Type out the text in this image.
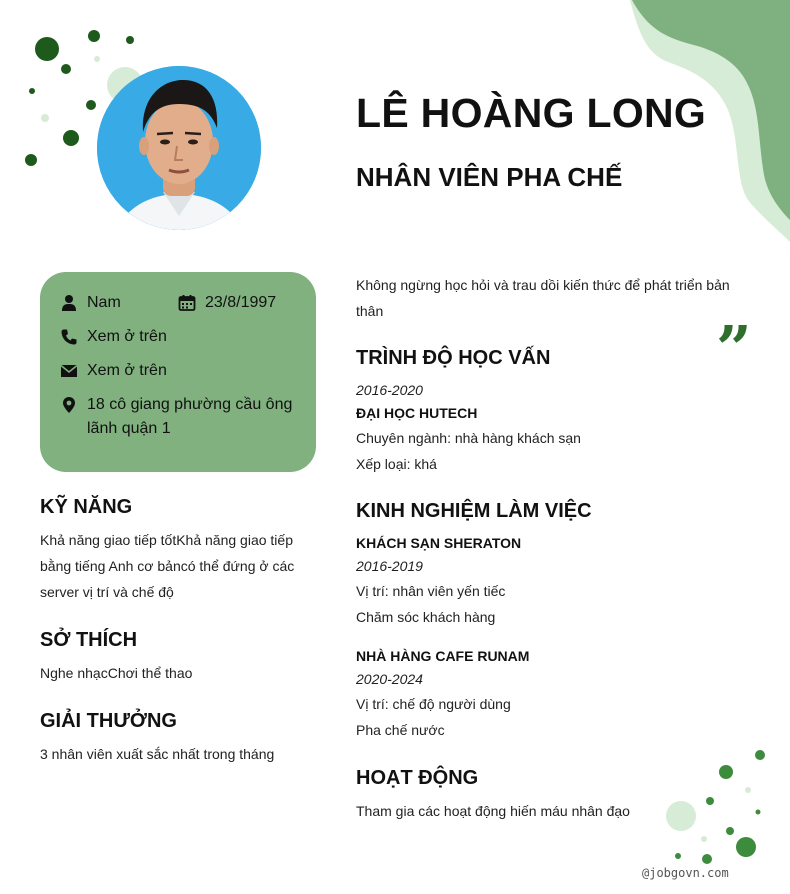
LÊ HOÀNG LONG
NHÂN VIÊN PHA CHẾ
Nam	23/8/1997
Xem ở trên
Xem ở trên
18 cô giang phường cầu ông lãnh quận 1
KỸ NĂNG
Khả năng giao tiếp tốtKhả năng giao tiếp bằng tiếng Anh cơ bảncó thể đứng ở các server vị trí và chế độ
SỞ THÍCH
Nghe nhạcChơi thể thao
GIẢI THƯỞNG
3 nhân viên xuất sắc nhất trong tháng
Không ngừng học hỏi và trau dồi kiến thức để phát triển bản thân
”
TRÌNH ĐỘ HỌC VẤN
2016-2020
ĐẠI HỌC HUTECH
Chuyên ngành: nhà hàng khách sạn
Xếp loại: khá
KINH NGHIỆM LÀM VIỆC
KHÁCH SẠN SHERATON
2016-2019
Vị trí: nhân viên yến tiếc
Chăm sóc khách hàng
NHÀ HÀNG CAFE RUNAM
2020-2024
Vị trí: chế độ người dùng
Pha chế nước
HOẠT ĐỘNG
Tham gia các hoạt động hiến máu nhân đạo
@jobgovn.com
